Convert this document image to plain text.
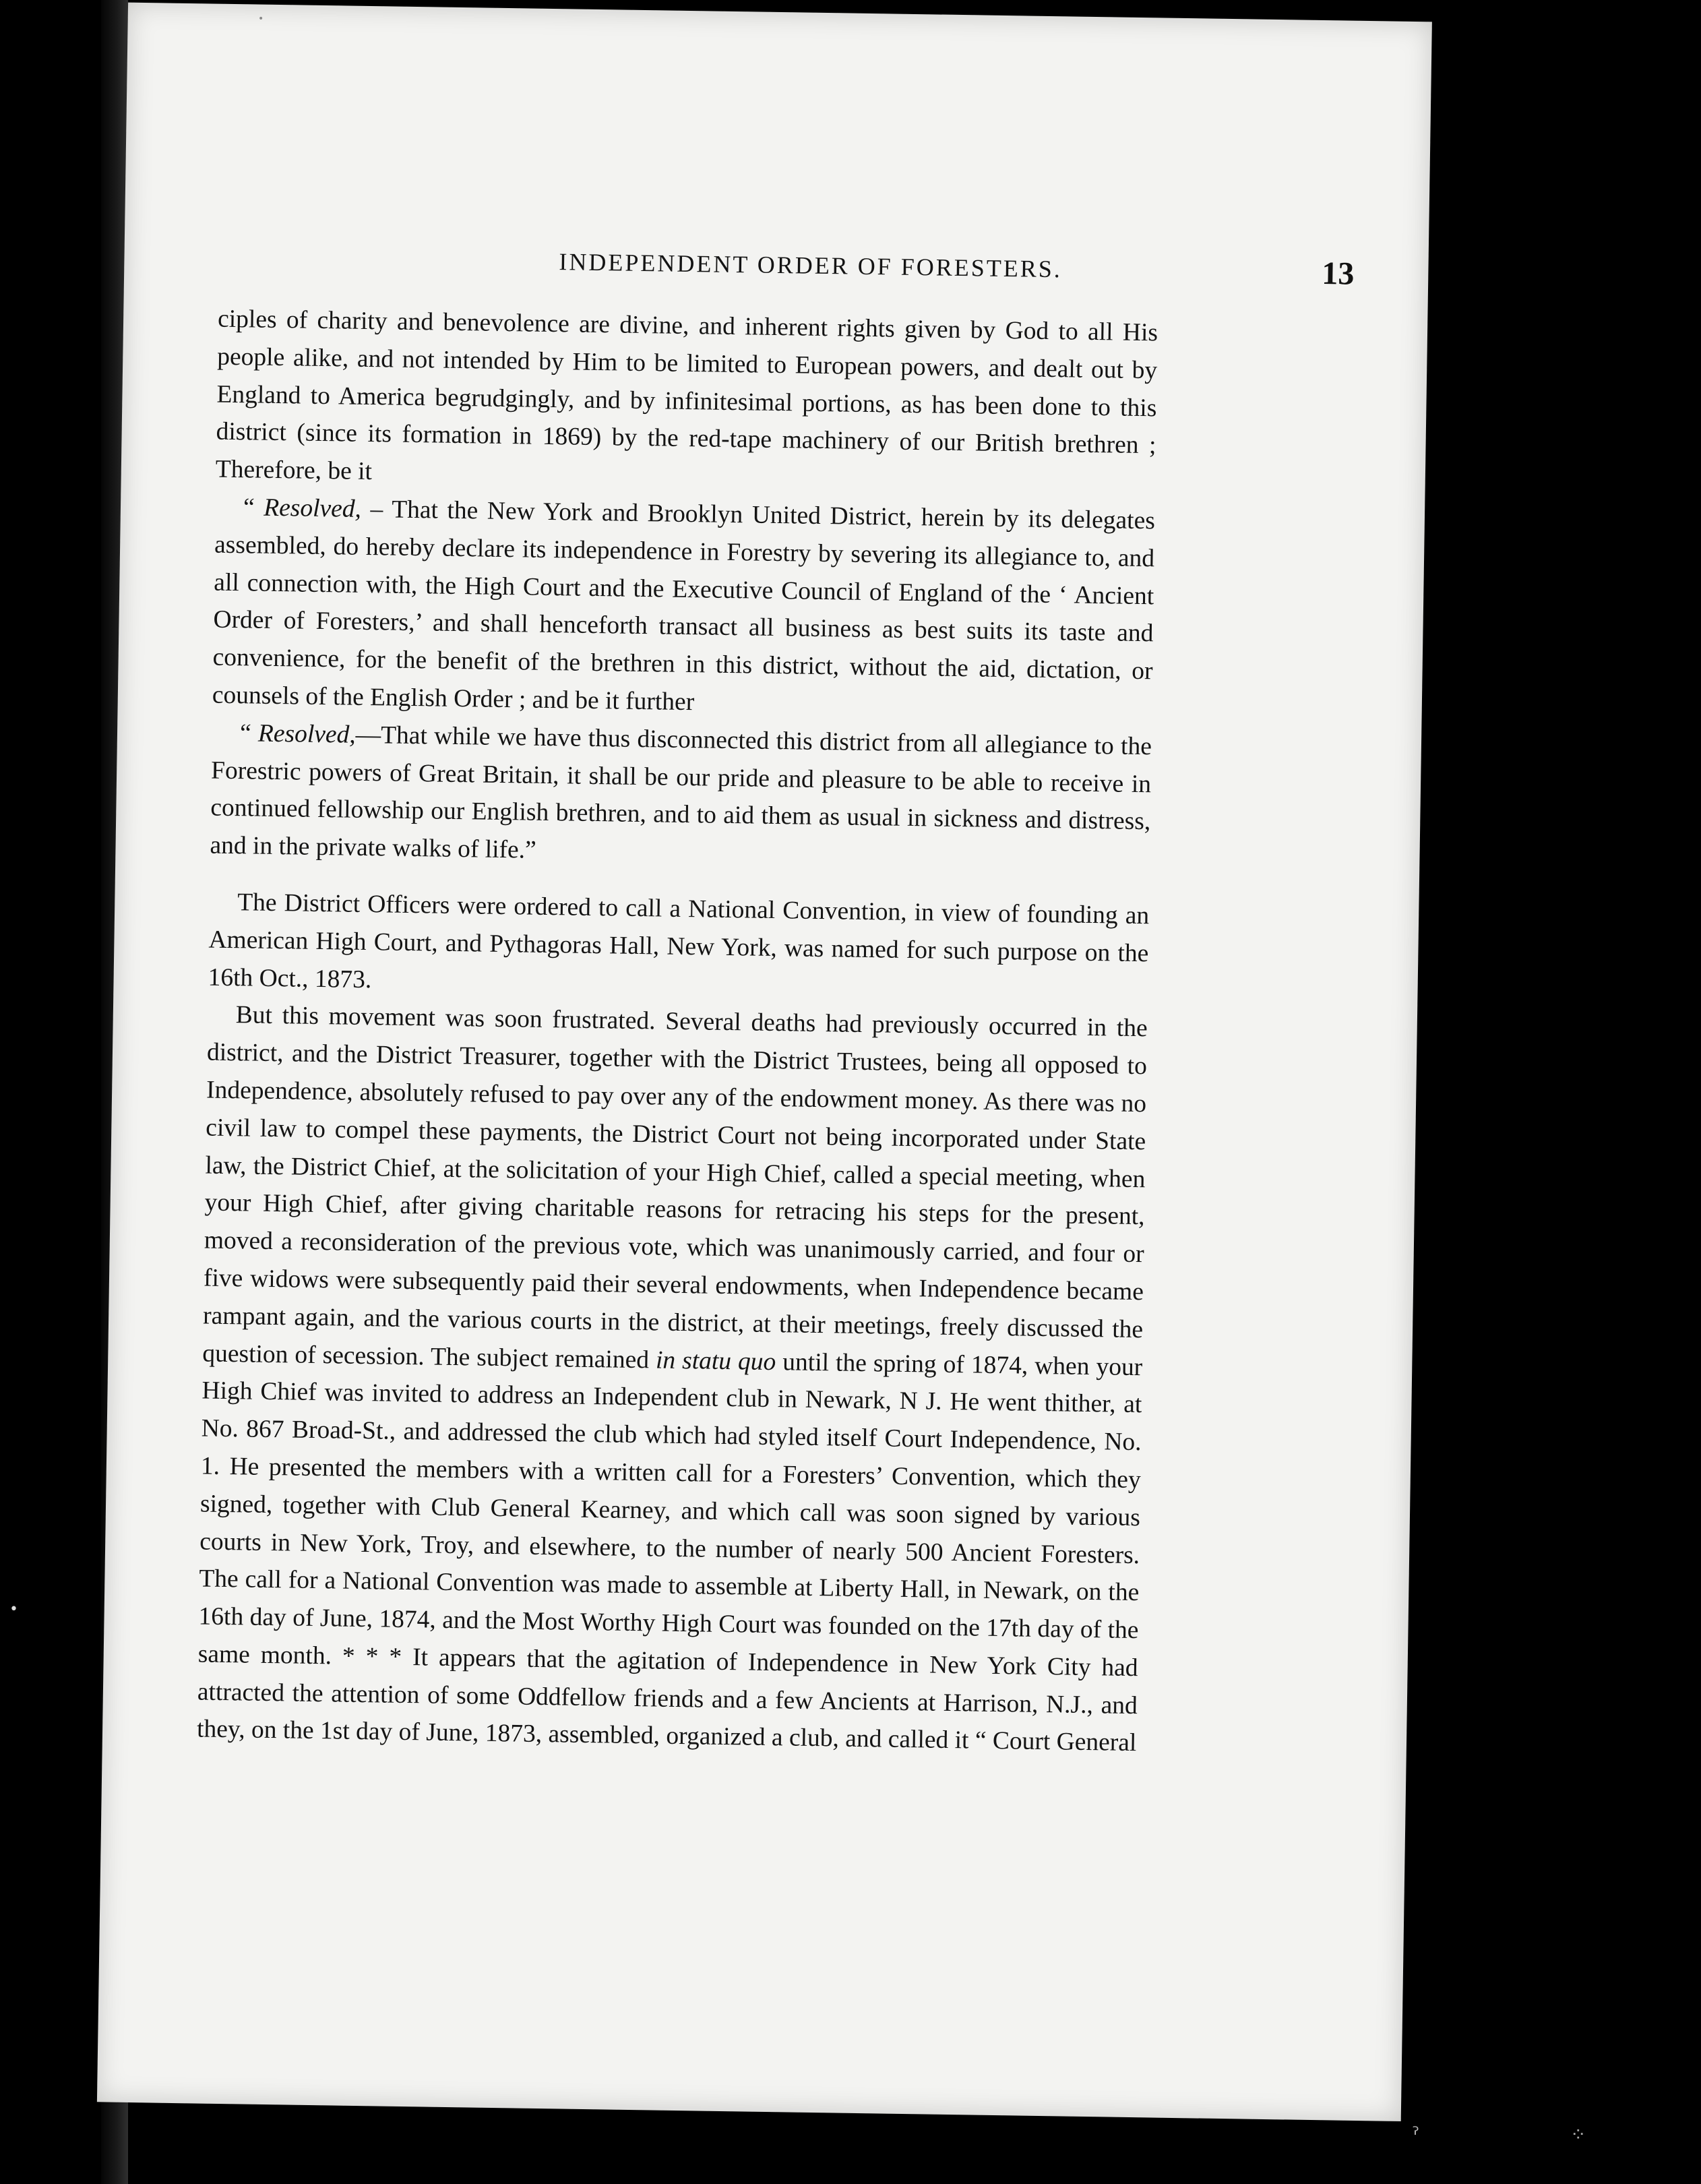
INDEPENDENT ORDER OF FORESTERS.	13

ciples of charity and benevolence are divine, and inherent rights given by God to all His people alike, and not intended by Him to be limited to European powers, and dealt out by England to America begrudgingly, and by infinitesimal portions, as has been done to this district (since its formation in 1869) by the red-tape machinery of our British brethren ; Therefore, be it

“ Resolved, – That the New York and Brooklyn United District, herein by its delegates assembled, do hereby declare its independence in Forestry by severing its allegiance to, and all connection with, the High Court and the Executive Council of England of the ‘ Ancient Order of Foresters,’ and shall henceforth transact all business as best suits its taste and convenience, for the benefit of the brethren in this district, without the aid, dictation, or counsels of the English Order ; and be it further

“ Resolved,—That while we have thus disconnected this district from all allegiance to the Forestric powers of Great Britain, it shall be our pride and pleasure to be able to receive in continued fellowship our English brethren, and to aid them as usual in sickness and distress, and in the private walks of life.”

The District Officers were ordered to call a National Convention, in view of founding an American High Court, and Pythagoras Hall, New York, was named for such purpose on the 16th Oct., 1873.

But this movement was soon frustrated. Several deaths had previously occurred in the district, and the District Treasurer, together with the District Trustees, being all opposed to Independence, absolutely refused to pay over any of the endowment money. As there was no civil law to compel these payments, the District Court not being incorporated under State law, the District Chief, at the solicitation of your High Chief, called a special meeting, when your High Chief, after giving charitable reasons for retracing his steps for the present, moved a reconsideration of the previous vote, which was unanimously carried, and four or five widows were subsequently paid their several endowments, when Independence became rampant again, and the various courts in the district, at their meetings, freely discussed the question of secession. The subject remained in statu quo until the spring of 1874, when your High Chief was invited to address an Independent club in Newark, N J. He went thither, at No. 867 Broad-St., and addressed the club which had styled itself Court Independence, No. 1. He presented the members with a written call for a Foresters’ Convention, which they signed, together with Club General Kearney, and which call was soon signed by various courts in New York, Troy, and elsewhere, to the number of nearly 500 Ancient Foresters. The call for a National Convention was made to assemble at Liberty Hall, in Newark, on the 16th day of June, 1874, and the Most Worthy High Court was founded on the 17th day of the same month. * * * It appears that the agitation of Independence in New York City had attracted the attention of some Oddfellow friends and a few Ancients at Harrison, N.J., and they, on the 1st day of June, 1873, assembled, organized a club, and called it “ Court General

•
•
ˀ	⁘
